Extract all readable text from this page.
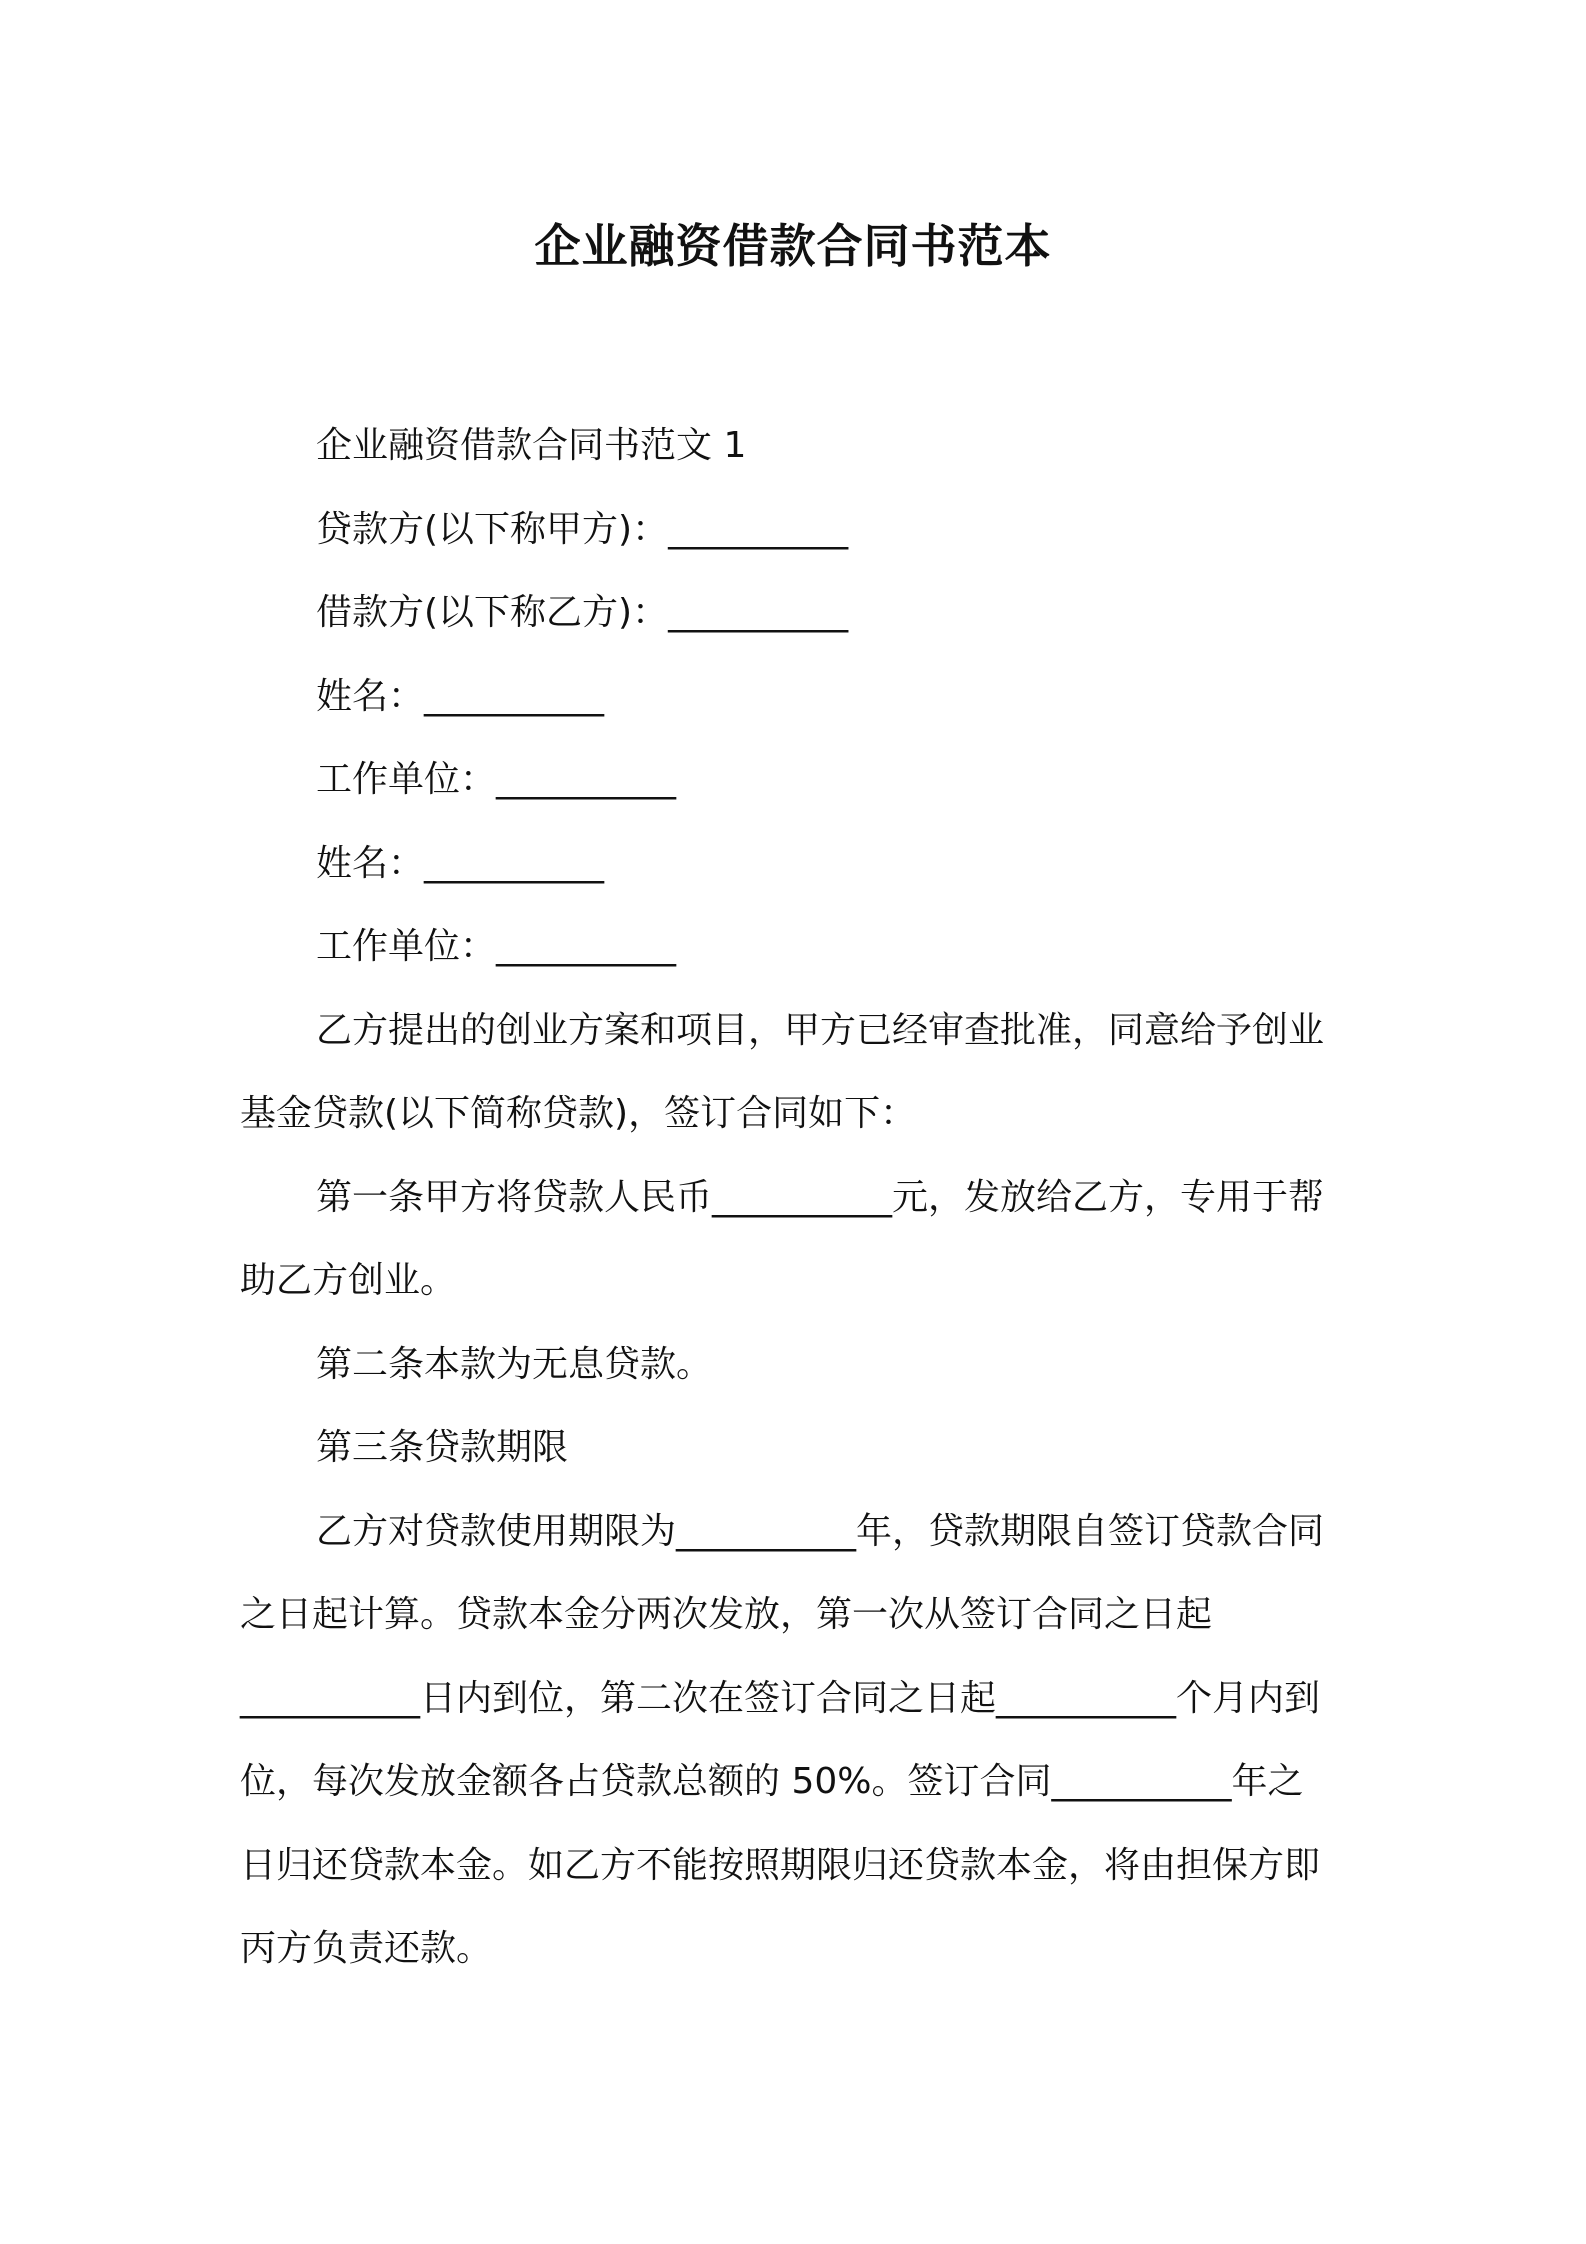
企业融资借款合同书范本
企业融资借款合同书范文 1
贷款方(以下称甲方)：__________
借款方(以下称乙方)：__________
姓名：__________
工作单位：__________
姓名：__________
工作单位：__________
乙方提出的创业方案和项目，甲方已经审查批准，同意给予创业
基金贷款(以下简称贷款)，签订合同如下：
第一条甲方将贷款人民币__________元，发放给乙方，专用于帮
助乙方创业。
第二条本款为无息贷款。
第三条贷款期限
乙方对贷款使用期限为__________年，贷款期限自签订贷款合同
之日起计算。贷款本金分两次发放，第一次从签订合同之日起
__________日内到位，第二次在签订合同之日起__________个月内到
位，每次发放金额各占贷款总额的 50%。签订合同__________年之
日归还贷款本金。如乙方不能按照期限归还贷款本金，将由担保方即
丙方负责还款。
